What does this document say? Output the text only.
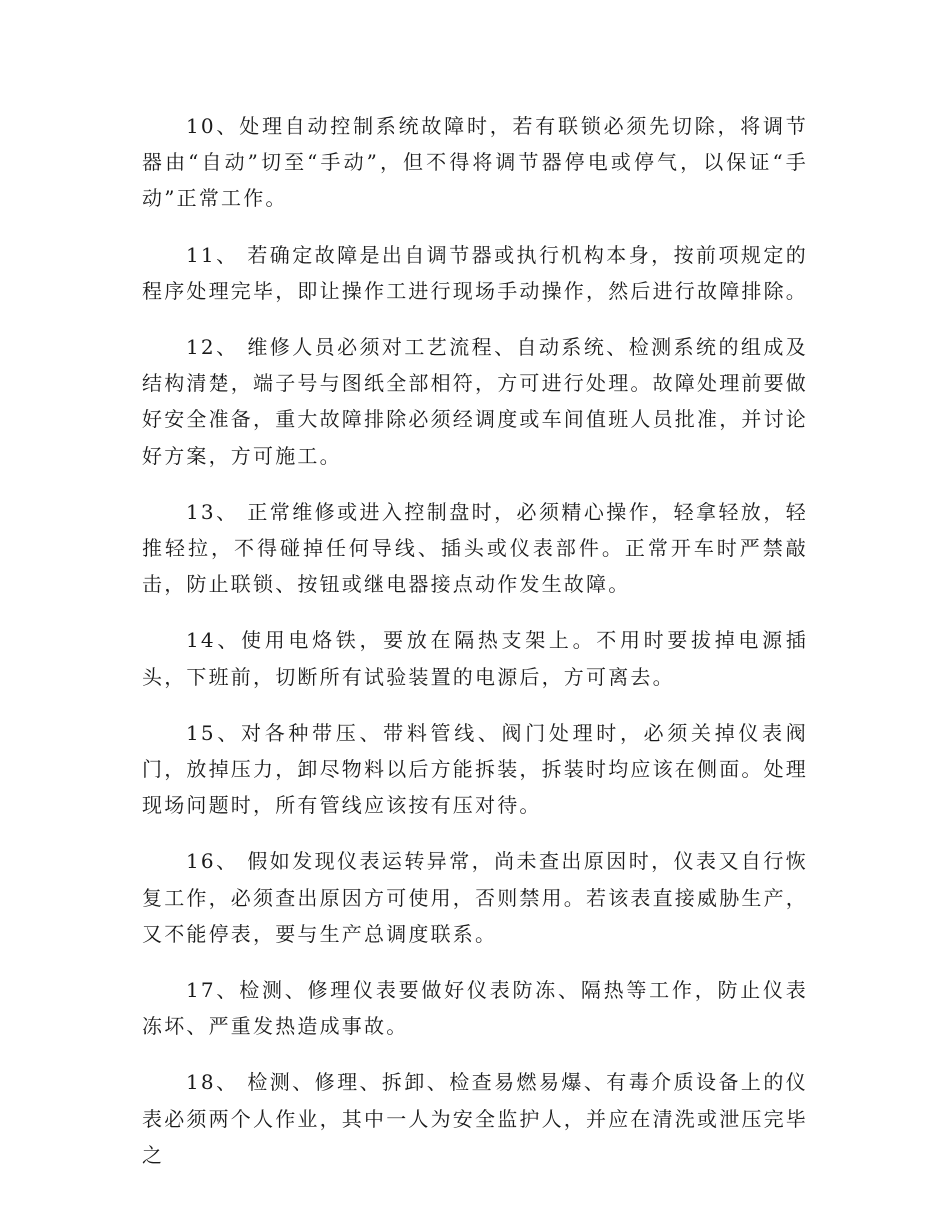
10、处理自动控制系统故障时，若有联锁必须先切除，将调节器由“自动”切至“手动”，但不得将调节器停电或停气，以保证“手动”正常工作。

11、 若确定故障是出自调节器或执行机构本身，按前项规定的程序处理完毕，即让操作工进行现场手动操作，然后进行故障排除。

12、 维修人员必须对工艺流程、自动系统、检测系统的组成及结构清楚，端子号与图纸全部相符，方可进行处理。故障处理前要做好安全准备，重大故障排除必须经调度或车间值班人员批准，并讨论好方案，方可施工。

13、 正常维修或进入控制盘时，必须精心操作，轻拿轻放，轻推轻拉，不得碰掉任何导线、插头或仪表部件。正常开车时严禁敲击，防止联锁、按钮或继电器接点动作发生故障。

14、使用电烙铁，要放在隔热支架上。不用时要拔掉电源插头，下班前，切断所有试验装置的电源后，方可离去。

15、对各种带压、带料管线、阀门处理时，必须关掉仪表阀门，放掉压力，卸尽物料以后方能拆装，拆装时均应该在侧面。处理现场问题时，所有管线应该按有压对待。

16、 假如发现仪表运转异常，尚未查出原因时，仪表又自行恢复工作，必须查出原因方可使用，否则禁用。若该表直接威胁生产，又不能停表，要与生产总调度联系。

17、检测、修理仪表要做好仪表防冻、隔热等工作，防止仪表冻坏、严重发热造成事故。

18、 检测、修理、拆卸、检查易燃易爆、有毒介质设备上的仪表必须两个人作业，其中一人为安全监护人，并应在清洗或泄压完毕之
